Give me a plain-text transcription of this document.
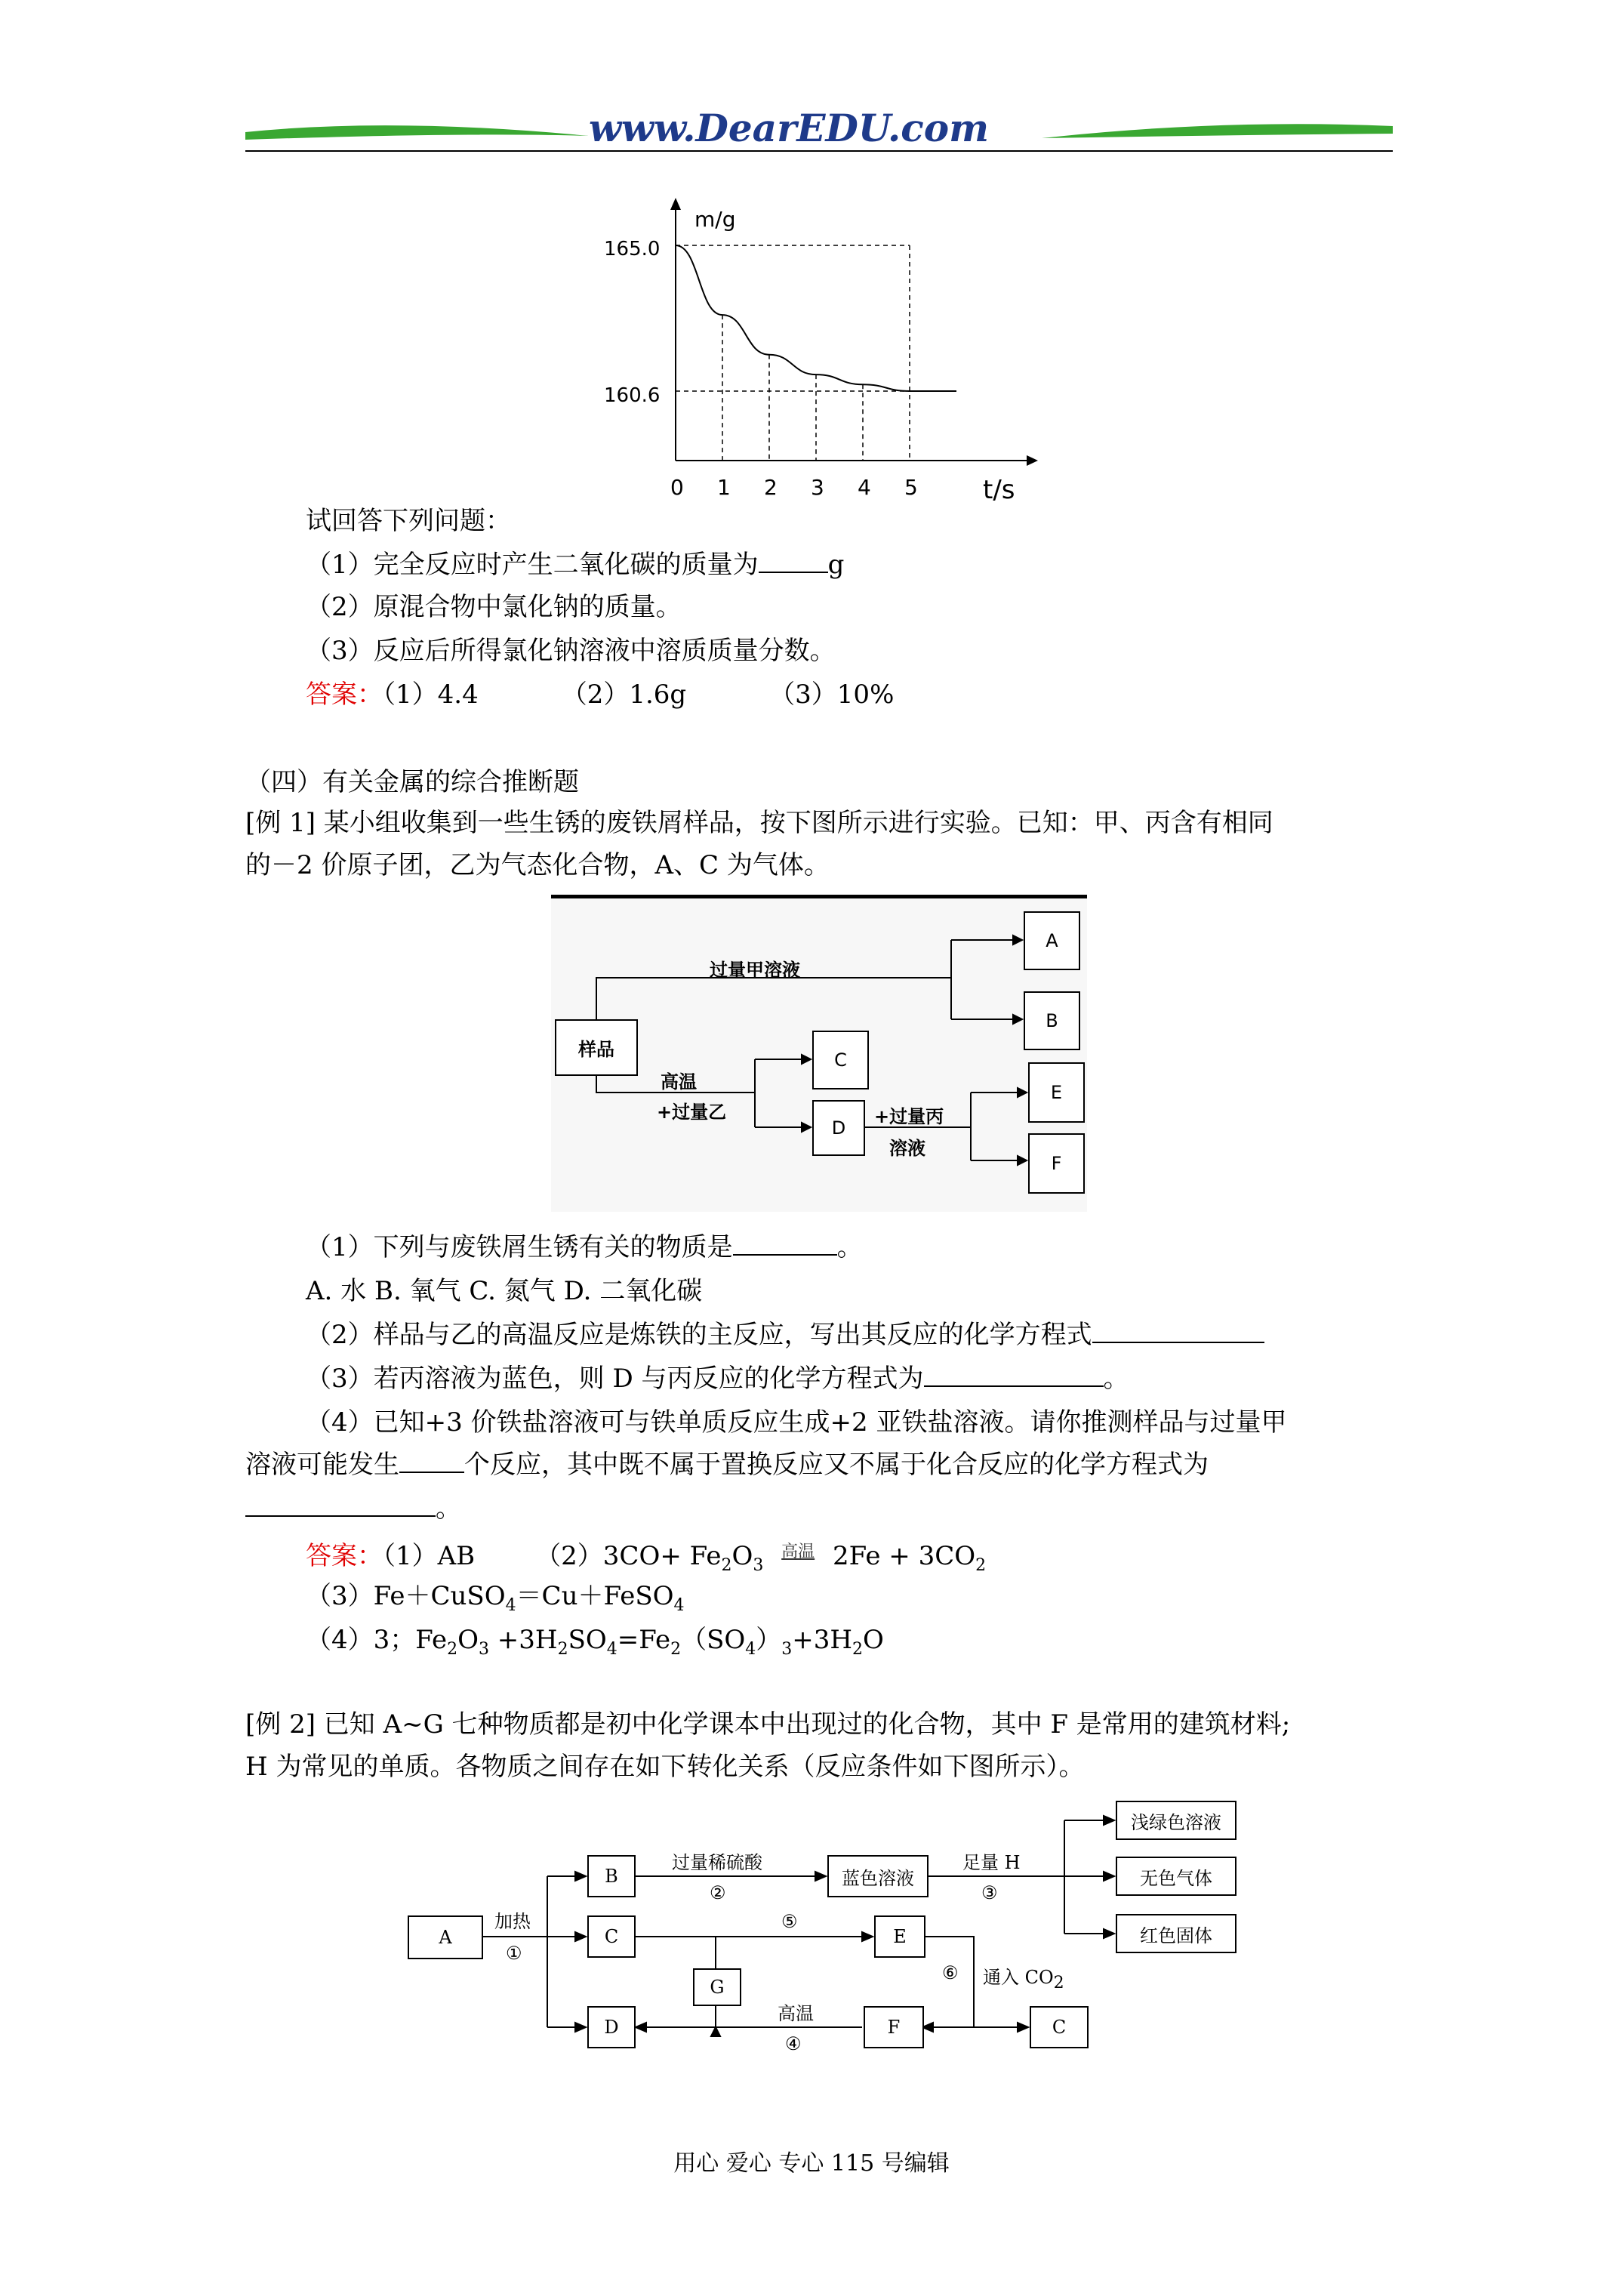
www.DearEDU.com
m/g
t/s
165.0
160.6
0 1 2 3 4 5
试回答下列问题：
（1）完全反应时产生二氧化碳的质量为	g
（2）原混合物中氯化钠的质量。
（3）反应后所得氯化钠溶液中溶质质量分数。
答案：（1）4.4	（2）1.6g	（3）10%
（四）有关金属的综合推断题
[例 1] 某小组收集到一些生锈的废铁屑样品，按下图所示进行实验。已知：甲、丙含有相同
的－2 价原子团，乙为气态化合物，A、C 为气体。
样品
过量甲溶液
高温
+过量乙	+过量丙
溶液
A
B
C
D
E
F
（1）下列与废铁屑生锈有关的物质是	。
A. 水 B. 氧气 C. 氮气 D. 二氧化碳
（2）样品与乙的高温反应是炼铁的主反应，写出其反应的化学方程式
（3）若丙溶液为蓝色，则 D 与丙反应的化学方程式为	。
（4）已知+3 价铁盐溶液可与铁单质反应生成+2 亚铁盐溶液。请你推测样品与过量甲
溶液可能发生	个反应，其中既不属于置换反应又不属于化合反应的化学方程式为
。
答案：（1）AB $(2)3CO+ Fe_2O_3$ 高温 $2Fe + 3CO_2$
（3）Fe＋CuSO$_4$＝Cu＋FeSO$_4$
（4）3；$Fe_2O_3 +3H_2SO_4=Fe_2(SO_4)_3+3H_2O$
[例 2] 已知 A~G 七种物质都是初中化学课本中出现过的化合物，其中 F 是常用的建筑材料;
H 为常见的单质。各物质之间存在如下转化关系（反应条件如下图所示）。
A
B
C
D
蓝色溶液
E
G
F	C
浅绿色溶液
无色气体
红色固体
加热
①
过量稀硫酸
②
足量 H
③
⑤
⑥ 通入 $CO_2$
高温
④
用心 爱心 专心 115 号编辑
